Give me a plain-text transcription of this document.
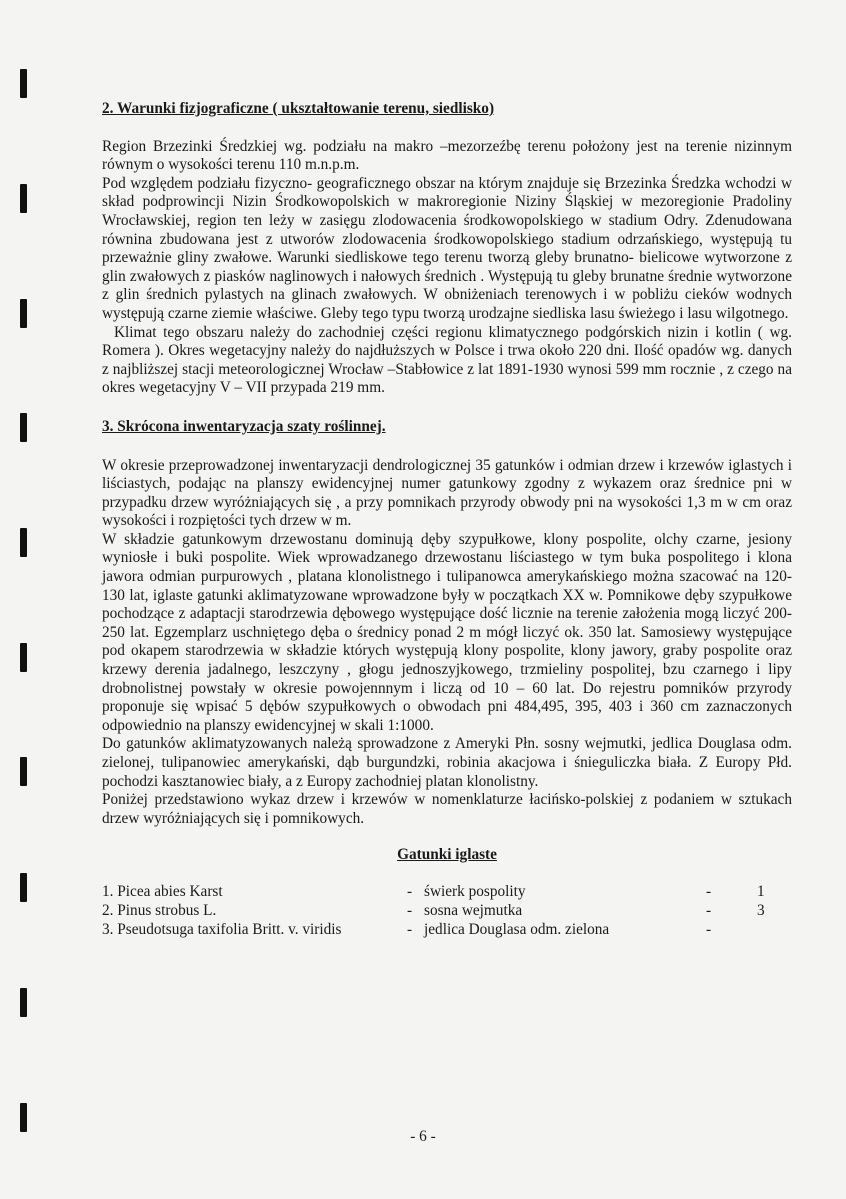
2. Warunki fizjograficzne ( ukształtowanie terenu, siedlisko)

Region Brzezinki Średzkiej wg. podziału na makro –mezorzeźbę terenu położony jest na terenie nizinnym równym o wysokości terenu 110 m.n.p.m.

Pod względem podziału fizyczno- geograficznego obszar na którym znajduje się Brzezinka Średzka wchodzi w skład podprowincji Nizin Środkowopolskich w makroregionie Niziny Śląskiej w mezoregionie Pradoliny Wrocławskiej, region ten leży w zasięgu zlodowacenia środkowopolskiego w stadium Odry. Zdenudowana równina zbudowana jest z utworów zlodowacenia środkowopolskiego stadium odrzańskiego, występują tu przeważnie gliny zwałowe. Warunki siedliskowe tego terenu tworzą gleby brunatno- bielicowe wytworzone z glin zwałowych z piasków naglinowych i nałowych średnich . Występują tu gleby brunatne średnie wytworzone z glin średnich pylastych na glinach zwałowych. W obniżeniach terenowych i w pobliżu cieków wodnych występują czarne ziemie właściwe. Gleby tego typu tworzą urodzajne siedliska lasu świeżego i lasu wilgotnego.

Klimat tego obszaru należy do zachodniej części regionu klimatycznego podgórskich nizin i kotlin ( wg. Romera ). Okres wegetacyjny należy do najdłuższych w Polsce i trwa około 220 dni. Ilość opadów wg. danych z najbliższej stacji meteorologicznej Wrocław –Stabłowice z lat 1891-1930 wynosi 599 mm rocznie , z czego na okres wegetacyjny V – VII przypada 219 mm.

3. Skrócona inwentaryzacja szaty roślinnej.

W okresie przeprowadzonej inwentaryzacji dendrologicznej 35 gatunków i odmian drzew i krzewów iglastych i liściastych, podając na planszy ewidencyjnej numer gatunkowy zgodny z wykazem oraz średnice pni w przypadku drzew wyróżniających się , a przy pomnikach przyrody obwody pni na wysokości 1,3 m w cm oraz wysokości i rozpiętości tych drzew w m.

W składzie gatunkowym drzewostanu dominują dęby szypułkowe, klony pospolite, olchy czarne, jesiony wyniosłe i buki pospolite. Wiek wprowadzanego drzewostanu liściastego w tym buka pospolitego i klona jawora odmian purpurowych , platana klonolistnego i tulipanowca amerykańskiego można szacować na 120-130 lat, iglaste gatunki aklimatyzowane wprowadzone były w początkach XX w. Pomnikowe dęby szypułkowe pochodzące z adaptacji starodrzewia dębowego występujące dość licznie na terenie założenia mogą liczyć 200- 250 lat. Egzemplarz uschniętego dęba o średnicy ponad 2 m mógł liczyć ok. 350 lat. Samosiewy występujące pod okapem starodrzewia w składzie których występują klony pospolite, klony jawory, graby pospolite oraz krzewy derenia jadalnego, leszczyny , głogu jednoszyjkowego, trzmieliny pospolitej, bzu czarnego i lipy drobnolistnej powstały w okresie powojennnym i liczą od 10 – 60 lat. Do rejestru pomników przyrody proponuje się wpisać 5 dębów szypułkowych o obwodach pni 484,495, 395, 403 i 360 cm zaznaczonych odpowiednio na planszy ewidencyjnej w skali 1:1000.

Do gatunków aklimatyzowanych należą sprowadzone z Ameryki Płn. sosny wejmutki, jedlica Douglasa odm. zielonej, tulipanowiec amerykański, dąb burgundzki, robinia akacjowa i śnieguliczka biała. Z Europy Płd. pochodzi kasztanowiec biały, a z Europy zachodniej platan klonolistny.

Poniżej przedstawiono wykaz drzew i krzewów w nomenklaturze łacińsko-polskiej z podaniem w sztukach drzew wyróżniających się i pomnikowych.

Gatunki iglaste
1. Picea abies Karst	- świerk pospolity	-	1
2. Pinus strobus L.	- sosna wejmutka	-	3
3. Pseudotsuga taxifolia Britt. v. viridis	- jedlica Douglasa odm. zielona	-
- 6 -
